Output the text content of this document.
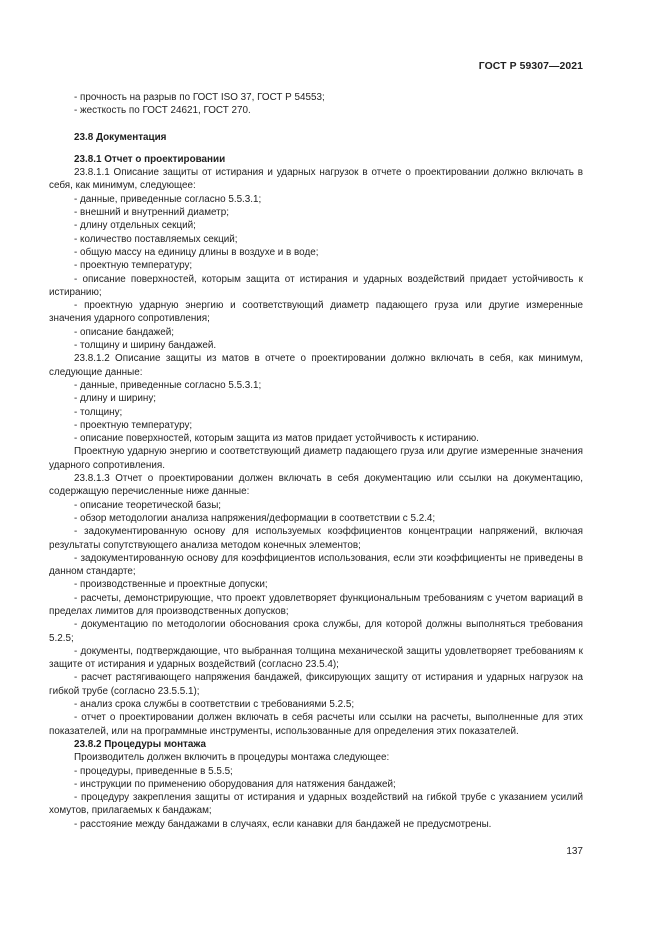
ГОСТ Р 59307—2021

- прочность на разрыв по ГОСТ ISO 37, ГОСТ Р 54553;

- жесткость по ГОСТ 24621, ГОСТ 270.

23.8 Документация

23.8.1 Отчет о проектировании

23.8.1.1 Описание защиты от истирания и ударных нагрузок в отчете о проектировании должно включать в себя, как минимум, следующее:

- данные, приведенные согласно 5.5.3.1;

- внешний и внутренний диаметр;

- длину отдельных секций;

- количество поставляемых секций;

- общую массу на единицу длины в воздухе и в воде;

- проектную температуру;

- описание поверхностей, которым защита от истирания и ударных воздействий придает устойчивость к истиранию;

- проектную ударную энергию и соответствующий диаметр падающего груза или другие измеренные значения ударного сопротивления;

- описание бандажей;

- толщину и ширину бандажей.

23.8.1.2 Описание защиты из матов в отчете о проектировании должно включать в себя, как минимум, следующие данные:

- данные, приведенные согласно 5.5.3.1;

- длину и ширину;

- толщину;

- проектную температуру;

- описание поверхностей, которым защита из матов придает устойчивость к истиранию.

Проектную ударную энергию и соответствующий диаметр падающего груза или другие измеренные значения ударного сопротивления.

23.8.1.3 Отчет о проектировании должен включать в себя документацию или ссылки на документацию, содержащую перечисленные ниже данные:

- описание теоретической базы;

- обзор методологии анализа напряжения/деформации в соответствии с 5.2.4;

- задокументированную основу для используемых коэффициентов концентрации напряжений, включая результаты сопутствующего анализа методом конечных элементов;

- задокументированную основу для коэффициентов использования, если эти коэффициенты не приведены в данном стандарте;

- производственные и проектные допуски;

- расчеты, демонстрирующие, что проект удовлетворяет функциональным требованиям с учетом вариаций в пределах лимитов для производственных допусков;

- документацию по методологии обоснования срока службы, для которой должны выполняться требования 5.2.5;

- документы, подтверждающие, что выбранная толщина механической защиты удовлетворяет требованиям к защите от истирания и ударных воздействий (согласно 23.5.4);

- расчет растягивающего напряжения бандажей, фиксирующих защиту от истирания и ударных нагрузок на гибкой трубе (согласно 23.5.5.1);

- анализ срока службы в соответствии с требованиями 5.2.5;

- отчет о проектировании должен включать в себя расчеты или ссылки на расчеты, выполненные для этих показателей, или на программные инструменты, использованные для определения этих показателей.

23.8.2 Процедуры монтажа

Производитель должен включить в процедуры монтажа следующее:

- процедуры, приведенные в 5.5.5;

- инструкции по применению оборудования для натяжения бандажей;

- процедуру закрепления защиты от истирания и ударных воздействий на гибкой трубе с указанием усилий хомутов, прилагаемых к бандажам;

- расстояние между бандажами в случаях, если канавки для бандажей не предусмотрены.

137
